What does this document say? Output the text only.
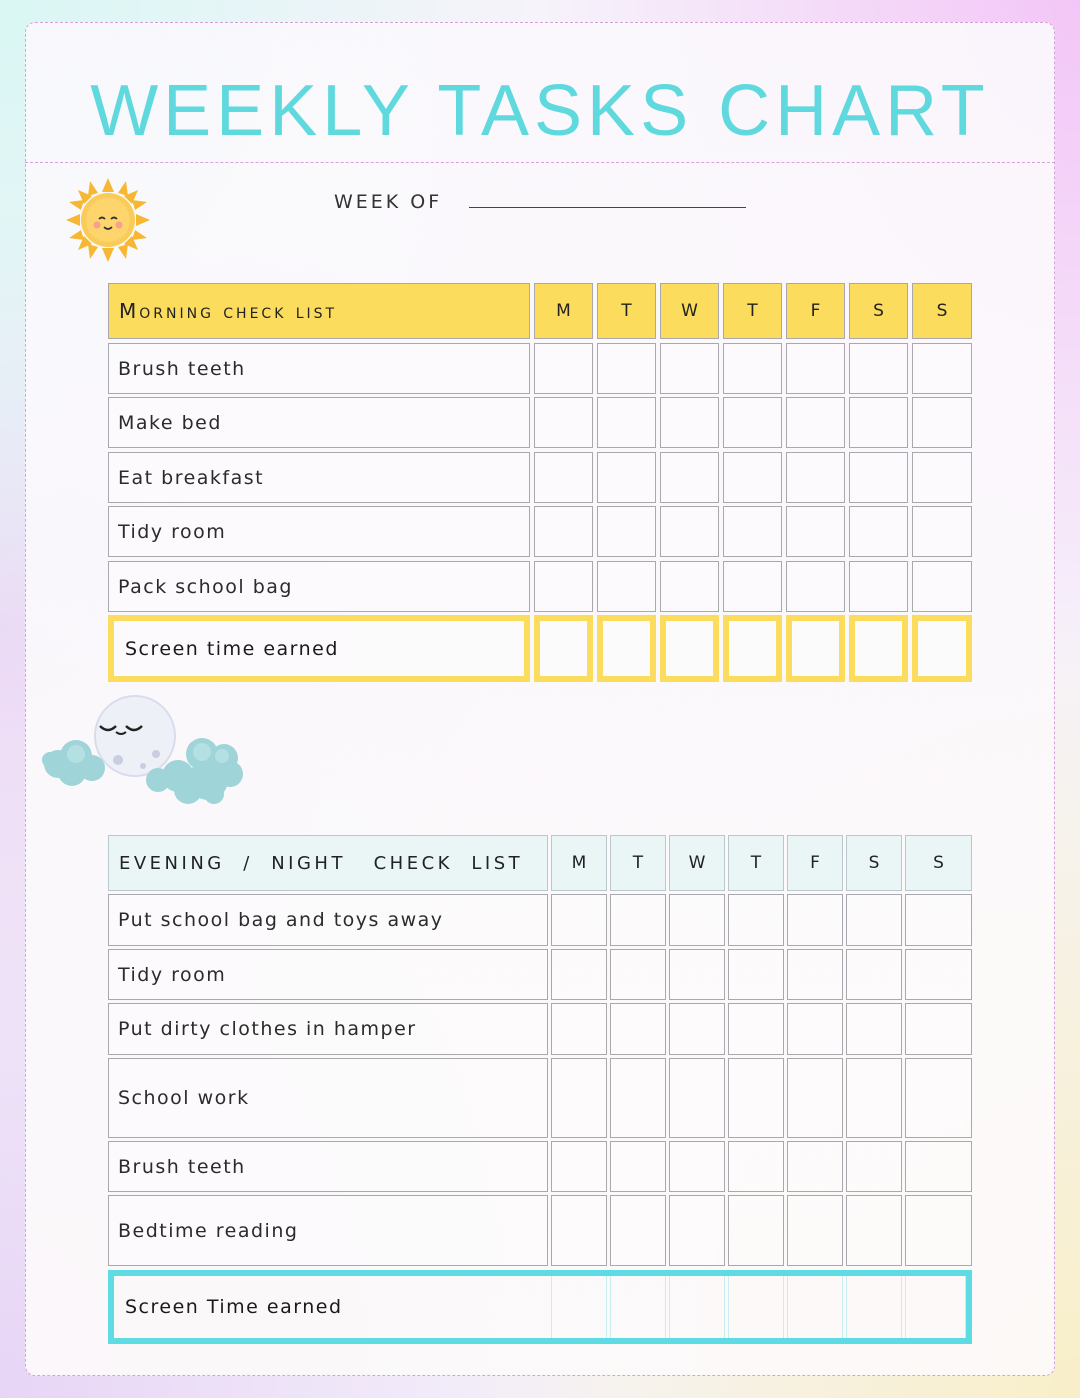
WEEKLY TASKS CHART
WEEK OF
Morning check list	M	T	W	T	F	S	S
Brush teeth
Make bed
Eat breakfast
Tidy room
Pack school bag
Screen time earned
EVENING  /  NIGHT   CHECK  LIST	M	T	W	T	F	S	S
Put school bag and toys away
Tidy room
Put dirty clothes in hamper
School work
Brush teeth
Bedtime reading
Screen Time earned
